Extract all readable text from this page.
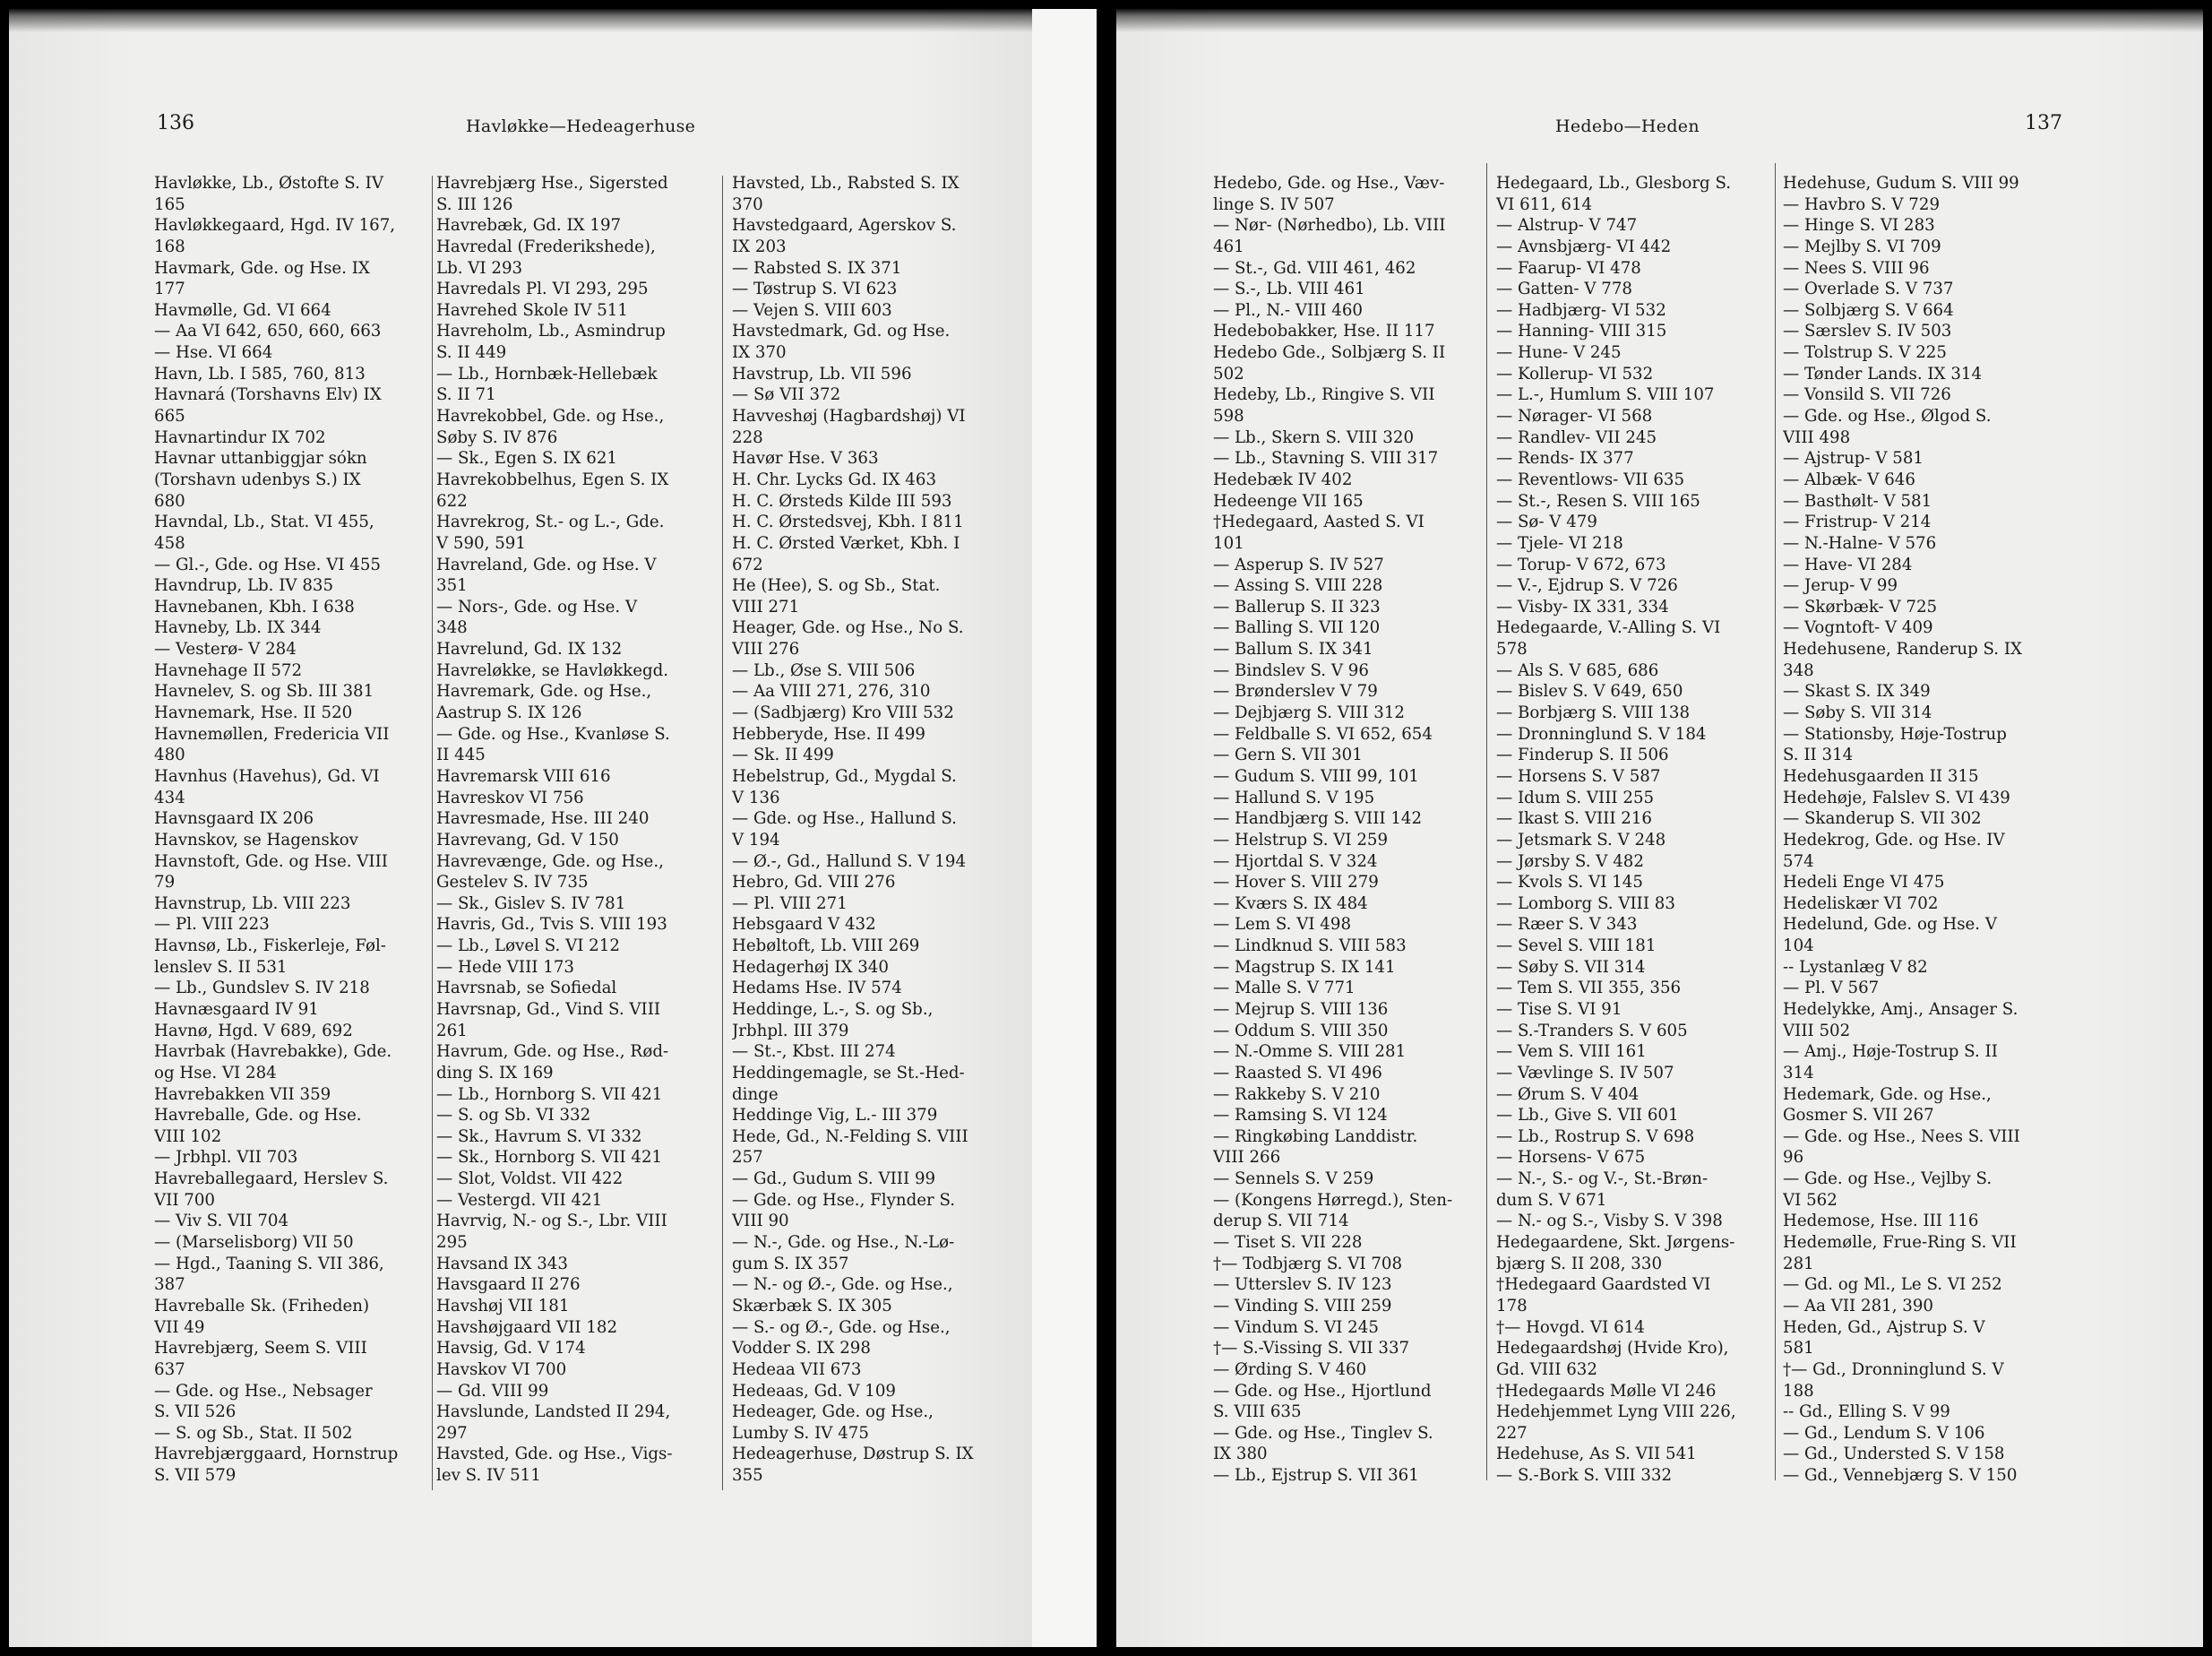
136	Havløkke—Hedeagerhuse
Havløkke, Lb., Østofte S. IV
165
Havløkkegaard, Hgd. IV 167,
168
Havmark, Gde. og Hse. IX
177
Havmølle, Gd. VI 664
— Aa VI 642, 650, 660, 663
— Hse. VI 664
Havn, Lb. I 585, 760, 813
Havnará (Torshavns Elv) IX
665
Havnartindur IX 702
Havnar uttanbiggjar sókn
(Torshavn udenbys S.) IX
680
Havndal, Lb., Stat. VI 455,
458
— Gl.-, Gde. og Hse. VI 455
Havndrup, Lb. IV 835
Havnebanen, Kbh. I 638
Havneby, Lb. IX 344
— Vesterø- V 284
Havnehage II 572
Havnelev, S. og Sb. III 381
Havnemark, Hse. II 520
Havnemøllen, Fredericia VII
480
Havnhus (Havehus), Gd. VI
434
Havnsgaard IX 206
Havnskov, se Hagenskov
Havnstoft, Gde. og Hse. VIII
79
Havnstrup, Lb. VIII 223
— Pl. VIII 223
Havnsø, Lb., Fiskerleje, Føl-
lenslev S. II 531
— Lb., Gundslev S. IV 218
Havnæsgaard IV 91
Havnø, Hgd. V 689, 692
Havrbak (Havrebakke), Gde.
og Hse. VI 284
Havrebakken VII 359
Havreballe, Gde. og Hse.
VIII 102
— Jrbhpl. VII 703
Havreballegaard, Herslev S.
VII 700
— Viv S. VII 704
— (Marselisborg) VII 50
— Hgd., Taaning S. VII 386,
387
Havreballe Sk. (Friheden)
VII 49
Havrebjærg, Seem S. VIII
637
— Gde. og Hse., Nebsager
S. VII 526
— S. og Sb., Stat. II 502
Havrebjærggaard, Hornstrup
S. VII 579
Havrebjærg Hse., Sigersted
S. III 126
Havrebæk, Gd. IX 197
Havredal (Frederikshede),
Lb. VI 293
Havredals Pl. VI 293, 295
Havrehed Skole IV 511
Havreholm, Lb., Asmindrup
S. II 449
— Lb., Hornbæk-Hellebæk
S. II 71
Havrekobbel, Gde. og Hse.,
Søby S. IV 876
— Sk., Egen S. IX 621
Havrekobbelhus, Egen S. IX
622
Havrekrog, St.- og L.-, Gde.
V 590, 591
Havreland, Gde. og Hse. V
351
— Nors-, Gde. og Hse. V
348
Havrelund, Gd. IX 132
Havreløkke, se Havløkkegd.
Havremark, Gde. og Hse.,
Aastrup S. IX 126
— Gde. og Hse., Kvanløse S.
II 445
Havremarsk VIII 616
Havreskov VI 756
Havresmade, Hse. III 240
Havrevang, Gd. V 150
Havrevænge, Gde. og Hse.,
Gestelev S. IV 735
— Sk., Gislev S. IV 781
Havris, Gd., Tvis S. VIII 193
— Lb., Løvel S. VI 212
— Hede VIII 173
Havrsnab, se Sofiedal
Havrsnap, Gd., Vind S. VIII
261
Havrum, Gde. og Hse., Rød-
ding S. IX 169
— Lb., Hornborg S. VII 421
— S. og Sb. VI 332
— Sk., Havrum S. VI 332
— Sk., Hornborg S. VII 421
— Slot, Voldst. VII 422
— Vestergd. VII 421
Havrvig, N.- og S.-, Lbr. VIII
295
Havsand IX 343
Havsgaard II 276
Havshøj VII 181
Havshøjgaard VII 182
Havsig, Gd. V 174
Havskov VI 700
— Gd. VIII 99
Havslunde, Landsted II 294,
297
Havsted, Gde. og Hse., Vigs-
lev S. IV 511
Havsted, Lb., Rabsted S. IX
370
Havstedgaard, Agerskov S.
IX 203
— Rabsted S. IX 371
— Tøstrup S. VI 623
— Vejen S. VIII 603
Havstedmark, Gd. og Hse.
IX 370
Havstrup, Lb. VII 596
— Sø VII 372
Havveshøj (Hagbardshøj) VI
228
Havør Hse. V 363
H. Chr. Lycks Gd. IX 463
H. C. Ørsteds Kilde III 593
H. C. Ørstedsvej, Kbh. I 811
H. C. Ørsted Værket, Kbh. I
672
He (Hee), S. og Sb., Stat.
VIII 271
Heager, Gde. og Hse., No S.
VIII 276
— Lb., Øse S. VIII 506
— Aa VIII 271, 276, 310
— (Sadbjærg) Kro VIII 532
Hebberyde, Hse. II 499
— Sk. II 499
Hebelstrup, Gd., Mygdal S.
V 136
— Gde. og Hse., Hallund S.
V 194
— Ø.-, Gd., Hallund S. V 194
Hebro, Gd. VIII 276
— Pl. VIII 271
Hebsgaard V 432
Hebøltoft, Lb. VIII 269
Hedagerhøj IX 340
Hedams Hse. IV 574
Heddinge, L.-, S. og Sb.,
Jrbhpl. III 379
— St.-, Kbst. III 274
Heddingemagle, se St.-Hed-
dinge
Heddinge Vig, L.- III 379
Hede, Gd., N.-Felding S. VIII
257
— Gd., Gudum S. VIII 99
— Gde. og Hse., Flynder S.
VIII 90
— N.-, Gde. og Hse., N.-Lø-
gum S. IX 357
— N.- og Ø.-, Gde. og Hse.,
Skærbæk S. IX 305
— S.- og Ø.-, Gde. og Hse.,
Vodder S. IX 298
Hedeaa VII 673
Hedeaas, Gd. V 109
Hedeager, Gde. og Hse.,
Lumby S. IV 475
Hedeagerhuse, Døstrup S. IX
355
Hedebo—Heden	137
Hedebo, Gde. og Hse., Væv-
linge S. IV 507
— Nør- (Nørhedbo), Lb. VIII
461
— St.-, Gd. VIII 461, 462
— S.-, Lb. VIII 461
— Pl., N.- VIII 460
Hedebobakker, Hse. II 117
Hedebo Gde., Solbjærg S. II
502
Hedeby, Lb., Ringive S. VII
598
— Lb., Skern S. VIII 320
— Lb., Stavning S. VIII 317
Hedebæk IV 402
Hedeenge VII 165
†Hedegaard, Aasted S. VI
101
— Asperup S. IV 527
— Assing S. VIII 228
— Ballerup S. II 323
— Balling S. VII 120
— Ballum S. IX 341
— Bindslev S. V 96
— Brønderslev V 79
— Dejbjærg S. VIII 312
— Feldballe S. VI 652, 654
— Gern S. VII 301
— Gudum S. VIII 99, 101
— Hallund S. V 195
— Handbjærg S. VIII 142
— Helstrup S. VI 259
— Hjortdal S. V 324
— Hover S. VIII 279
— Kværs S. IX 484
— Lem S. VI 498
— Lindknud S. VIII 583
— Magstrup S. IX 141
— Malle S. V 771
— Mejrup S. VIII 136
— Oddum S. VIII 350
— N.-Omme S. VIII 281
— Raasted S. VI 496
— Rakkeby S. V 210
— Ramsing S. VI 124
— Ringkøbing Landdistr.
VIII 266
— Sennels S. V 259
— (Kongens Hørregd.), Sten-
derup S. VII 714
— Tiset S. VII 228
†— Todbjærg S. VI 708
— Utterslev S. IV 123
— Vinding S. VIII 259
— Vindum S. VI 245
†— S.-Vissing S. VII 337
— Ørding S. V 460
— Gde. og Hse., Hjortlund
S. VIII 635
— Gde. og Hse., Tinglev S.
IX 380
— Lb., Ejstrup S. VII 361
Hedegaard, Lb., Glesborg S.
VI 611, 614
— Alstrup- V 747
— Avnsbjærg- VI 442
— Faarup- VI 478
— Gatten- V 778
— Hadbjærg- VI 532
— Hanning- VIII 315
— Hune- V 245
— Kollerup- VI 532
— L.-, Humlum S. VIII 107
— Nørager- VI 568
— Randlev- VII 245
— Rends- IX 377
— Reventlows- VII 635
— St.-, Resen S. VIII 165
— Sø- V 479
— Tjele- VI 218
— Torup- V 672, 673
— V.-, Ejdrup S. V 726
— Visby- IX 331, 334
Hedegaarde, V.-Alling S. VI
578
— Als S. V 685, 686
— Bislev S. V 649, 650
— Borbjærg S. VIII 138
— Dronninglund S. V 184
— Finderup S. II 506
— Horsens S. V 587
— Idum S. VIII 255
— Ikast S. VIII 216
— Jetsmark S. V 248
— Jørsby S. V 482
— Kvols S. VI 145
— Lomborg S. VIII 83
— Ræer S. V 343
— Sevel S. VIII 181
— Søby S. VII 314
— Tem S. VII 355, 356
— Tise S. VI 91
— S.-Tranders S. V 605
— Vem S. VIII 161
— Vævlinge S. IV 507
— Ørum S. V 404
— Lb., Give S. VII 601
— Lb., Rostrup S. V 698
— Horsens- V 675
— N.-, S.- og V.-, St.-Brøn-
dum S. V 671
— N.- og S.-, Visby S. V 398
Hedegaardene, Skt. Jørgens-
bjærg S. II 208, 330
†Hedegaard Gaardsted VI
178
†— Hovgd. VI 614
Hedegaardshøj (Hvide Kro),
Gd. VIII 632
†Hedegaards Mølle VI 246
Hedehjemmet Lyng VIII 226,
227
Hedehuse, As S. VII 541
— S.-Bork S. VIII 332
Hedehuse, Gudum S. VIII 99
— Havbro S. V 729
— Hinge S. VI 283
— Mejlby S. VI 709
— Nees S. VIII 96
— Overlade S. V 737
— Solbjærg S. V 664
— Særslev S. IV 503
— Tolstrup S. V 225
— Tønder Lands. IX 314
— Vonsild S. VII 726
— Gde. og Hse., Ølgod S.
VIII 498
— Ajstrup- V 581
— Albæk- V 646
— Basthølt- V 581
— Fristrup- V 214
— N.-Halne- V 576
— Have- VI 284
— Jerup- V 99
— Skørbæk- V 725
— Vogntoft- V 409
Hedehusene, Randerup S. IX
348
— Skast S. IX 349
— Søby S. VII 314
— Stationsby, Høje-Tostrup
S. II 314
Hedehusgaarden II 315
Hedehøje, Falslev S. VI 439
— Skanderup S. VII 302
Hedekrog, Gde. og Hse. IV
574
Hedeli Enge VI 475
Hedeliskær VI 702
Hedelund, Gde. og Hse. V
104
-- Lystanlæg V 82
— Pl. V 567
Hedelykke, Amj., Ansager S.
VIII 502
— Amj., Høje-Tostrup S. II
314
Hedemark, Gde. og Hse.,
Gosmer S. VII 267
— Gde. og Hse., Nees S. VIII
96
— Gde. og Hse., Vejlby S.
VI 562
Hedemose, Hse. III 116
Hedemølle, Frue-Ring S. VII
281
— Gd. og Ml., Le S. VI 252
— Aa VII 281, 390
Heden, Gd., Ajstrup S. V
581
†— Gd., Dronninglund S. V
188
-- Gd., Elling S. V 99
— Gd., Lendum S. V 106
— Gd., Understed S. V 158
— Gd., Vennebjærg S. V 150
